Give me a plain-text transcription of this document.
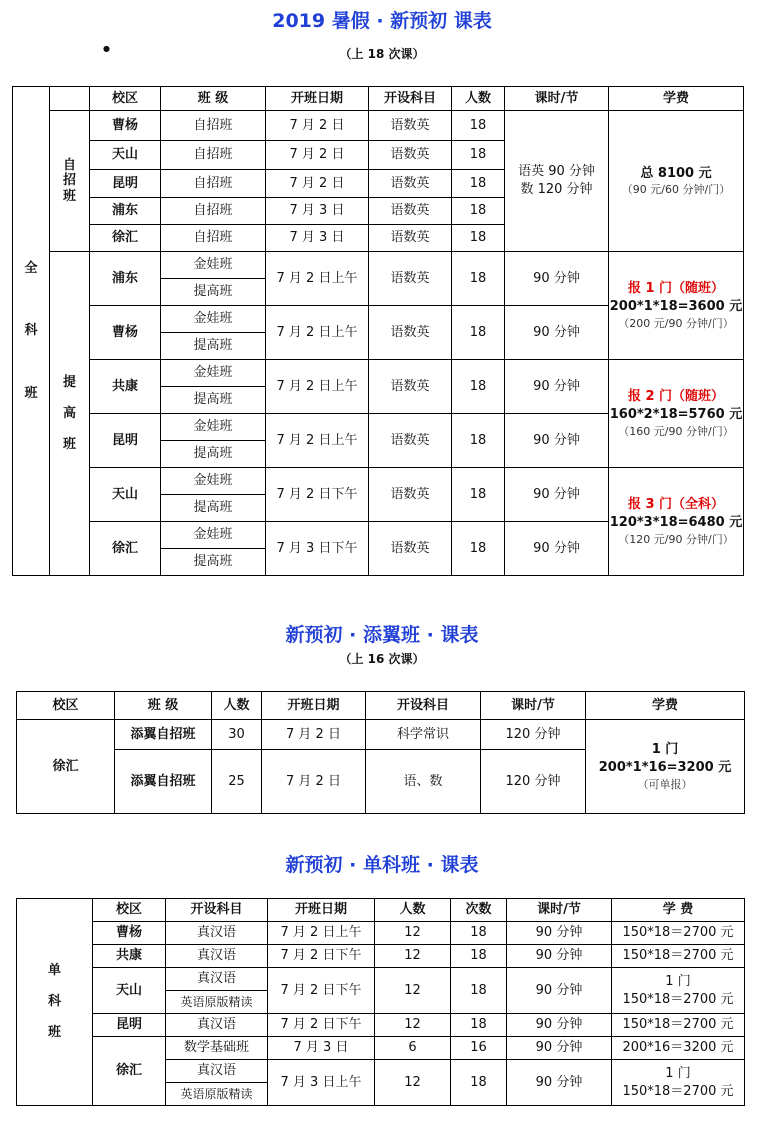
2019 暑假 · 新预初 课表
●	（上 18 次课）
全

科

班		校区	班 级	开班日期	开设科目	人数	课时/节	学费

	自
招
班	曹杨	自招班	7 月 2 日	语数英	18	语英 90 分钟
数 120 分钟	总 8100 元
（90 元/60 分钟/门）

		天山	自招班	7 月 2 日	语数英	18		
		昆明	自招班	7 月 2 日	语数英	18		
		浦东	自招班	7 月 3 日	语数英	18		
		徐汇	自招班	7 月 3 日	语数英	18		

	提

高

班	浦东	金娃班	7 月 2 日上午	语数英	18	90 分钟	报 1 门（随班）
200*1*18=3600 元
（200 元/90 分钟/门）

			提高班					
		曹杨	金娃班	7 月 2 日上午	语数英	18	90 分钟	
			提高班					
		共康	金娃班	7 月 2 日上午	语数英	18	90 分钟	报 2 门（随班）
160*2*18=5760 元
（160 元/90 分钟/门）

			提高班					
		昆明	金娃班	7 月 2 日上午	语数英	18	90 分钟	
			提高班					
		天山	金娃班	7 月 2 日下午	语数英	18	90 分钟	报 3 门（全科）
120*3*18=6480 元
（120 元/90 分钟/门）

			提高班					
		徐汇	金娃班	7 月 3 日下午	语数英	18	90 分钟	
			提高班					
新预初 · 添翼班 · 课表
（上 16 次课）
校区	班 级	人数	开班日期	开设科目	课时/节	学费
徐汇	添翼自招班	30	7 月 2 日	科学常识	120 分钟	1 门
200*1*16=3200 元
（可单报）

	添翼自招班	25	7 月 2 日	语、数	120 分钟	
新预初 · 单科班 · 课表
单

科

班	校区	开设科目	开班日期	人数	次数	课时/节	学 费
	曹杨	真汉语	7 月 2 日上午	12	18	90 分钟	150*18＝2700 元
	共康	真汉语	7 月 2 日下午	12	18	90 分钟	150*18＝2700 元
	天山	真汉语	7 月 2 日下午	12	18	90 分钟	1 门
150*18＝2700 元

		英语原版精读					
	昆明	真汉语	7 月 2 日下午	12	18	90 分钟	150*18＝2700 元
	徐汇	数学基础班	7 月 3 日	6	16	90 分钟	200*16＝3200 元
		真汉语	7 月 3 日上午	12	18	90 分钟	1 门
150*18＝2700 元

		英语原版精读					
